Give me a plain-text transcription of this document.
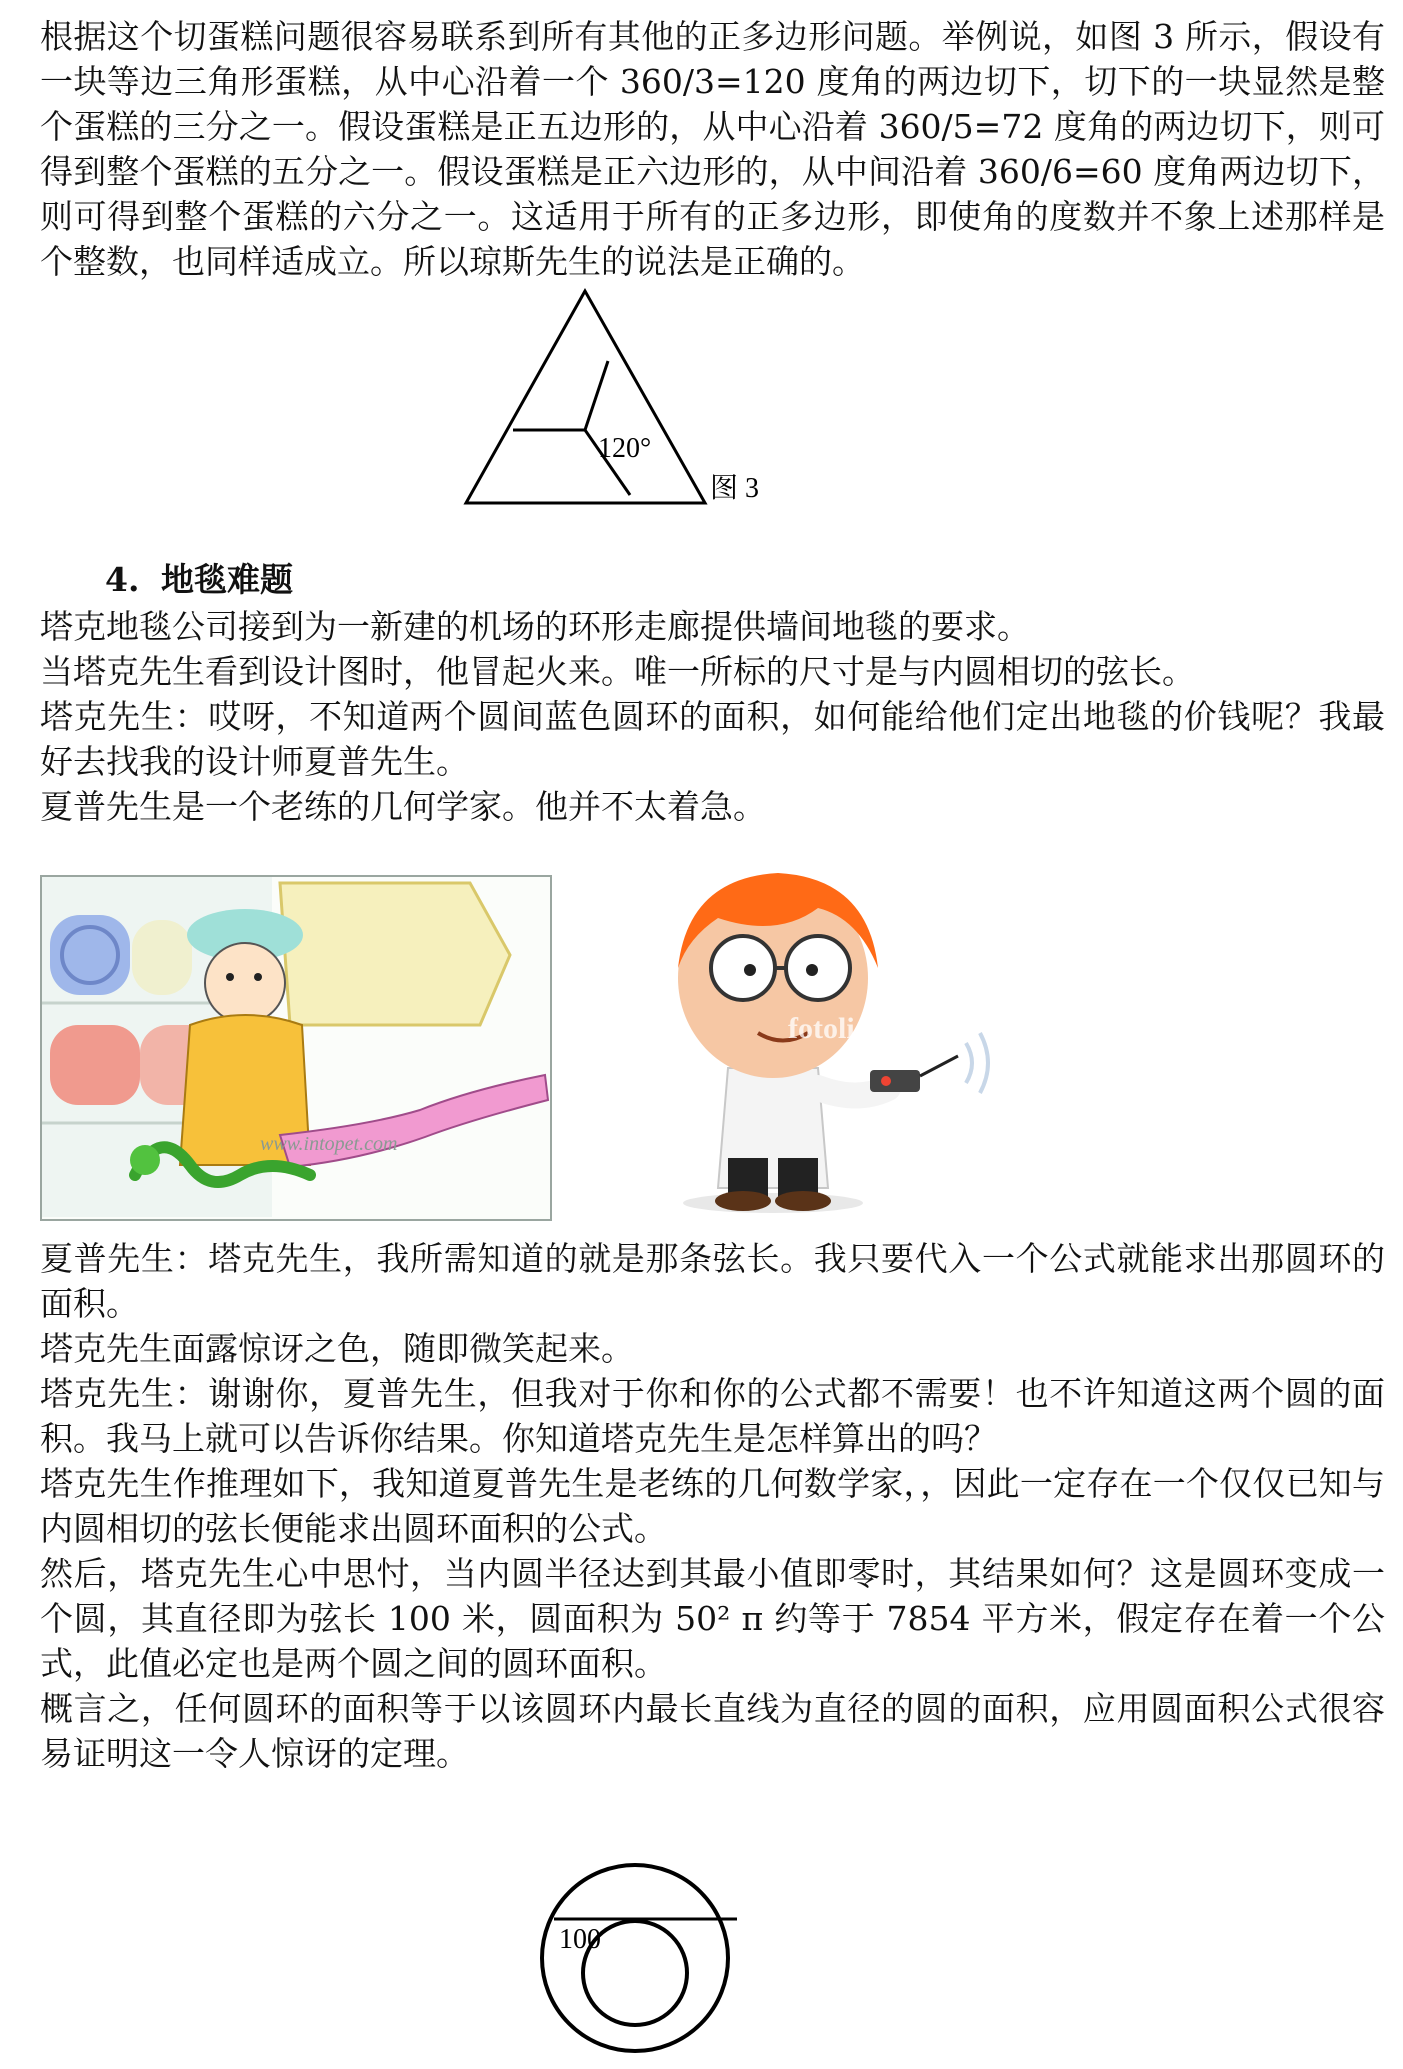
根据这个切蛋糕问题很容易联系到所有其他的正多边形问题。举例说，如图 3 所示，假设有一块等边三角形蛋糕，从中心沿着一个 360/3=120 度角的两边切下，切下的一块显然是整个蛋糕的三分之一。假设蛋糕是正五边形的，从中心沿着 360/5=72 度角的两边切下，则可得到整个蛋糕的五分之一。假设蛋糕是正六边形的，从中间沿着 360/6=60 度角两边切下，则可得到整个蛋糕的六分之一。这适用于所有的正多边形，即使角的度数并不象上述那样是个整数，也同样适成立。所以琼斯先生的说法是正确的。

120°
图 3
4. 地毯难题
塔克地毯公司接到为一新建的机场的环形走廊提供墙间地毯的要求。
当塔克先生看到设计图时，他冒起火来。唯一所标的尺寸是与内圆相切的弦长。
塔克先生：哎呀，不知道两个圆间蓝色圆环的面积，如何能给他们定出地毯的价钱呢？我最好去找我的设计师夏普先生。
夏普先生是一个老练的几何学家。他并不太着急。
www.intopet.com
fotolia
夏普先生：塔克先生，我所需知道的就是那条弦长。我只要代入一个公式就能求出那圆环的面积。
塔克先生面露惊讶之色，随即微笑起来。
塔克先生：谢谢你，夏普先生，但我对于你和你的公式都不需要！也不许知道这两个圆的面积。我马上就可以告诉你结果。你知道塔克先生是怎样算出的吗？
塔克先生作推理如下，我知道夏普先生是老练的几何数学家，，因此一定存在一个仅仅已知与内圆相切的弦长便能求出圆环面积的公式。
然后，塔克先生心中思忖，当内圆半径达到其最小值即零时，其结果如何？这是圆环变成一个圆，其直径即为弦长 100 米，圆面积为 50² π 约等于 7854 平方米，假定存在着一个公式，此值必定也是两个圆之间的圆环面积。
概言之，任何圆环的面积等于以该圆环内最长直线为直径的圆的面积，应用圆面积公式很容易证明这一令人惊讶的定理。
100
